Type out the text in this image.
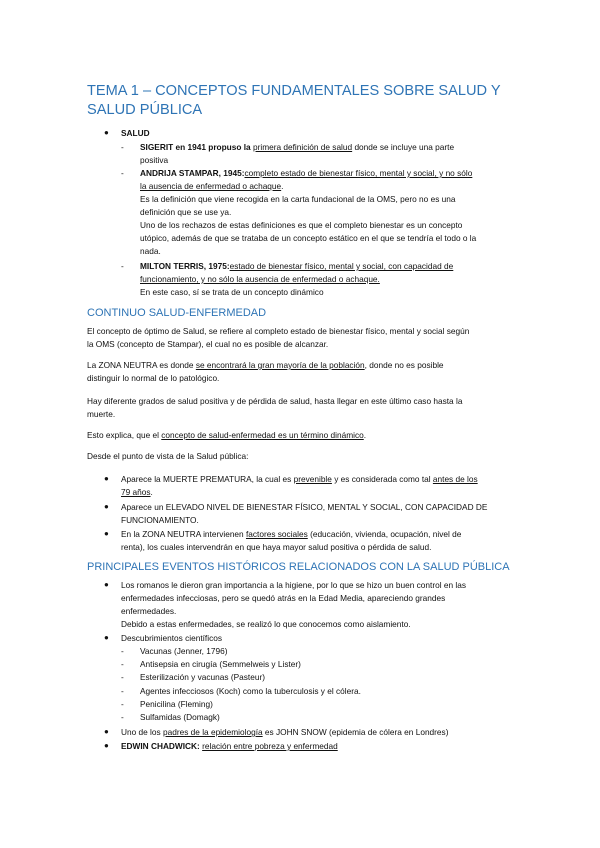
TEMA 1 – CONCEPTOS FUNDAMENTALES SOBRE SALUD Y SALUD PÚBLICA
● SALUD

- SIGERIT en 1941 propuso la primera definición de salud donde se incluye una parte

positiva

- ANDRIJA STAMPAR, 1945:completo estado de bienestar físico, mental y social, y no sólo

la ausencia de enfermedad o achaque.

Es la definición que viene recogida en la carta fundacional de la OMS, pero no es una

definición que se use ya.

Uno de los rechazos de estas definiciones es que el completo bienestar es un concepto

utópico, además de que se trataba de un concepto estático en el que se tendría el todo o la

nada.

- MILTON TERRIS, 1975:estado de bienestar físico, mental y social, con capacidad de

funcionamiento, y no sólo la ausencia de enfermedad o achaque.

En este caso, sí se trata de un concepto dinámico

CONTINUO SALUD-ENFERMEDAD

El concepto de óptimo de Salud, se refiere al completo estado de bienestar físico, mental y social según

la OMS (concepto de Stampar), el cual no es posible de alcanzar.

La ZONA NEUTRA es donde se encontrará la gran mayoría de la población, donde no es posible

distinguir lo normal de lo patológico.

Hay diferente grados de salud positiva y de pérdida de salud, hasta llegar en este último caso hasta la

muerte.

Esto explica, que el concepto de salud-enfermedad es un término dinámico.

Desde el punto de vista de la Salud pública:

● Aparece la MUERTE PREMATURA, la cual es prevenible y es considerada como tal antes de los

79 años.

● Aparece un ELEVADO NIVEL DE BIENESTAR FÍSICO, MENTAL Y SOCIAL, CON CAPACIDAD DE

FUNCIONAMIENTO.

● En la ZONA NEUTRA intervienen factores sociales (educación, vivienda, ocupación, nivel de

renta), los cuales intervendrán en que haya mayor salud positiva o pérdida de salud.

PRINCIPALES EVENTOS HISTÓRICOS RELACIONADOS CON LA SALUD PÚBLICA
● Los romanos le dieron gran importancia a la higiene, por lo que se hizo un buen control en las

enfermedades infecciosas, pero se quedó atrás en la Edad Media, apareciendo grandes

enfermedades.

Debido a estas enfermedades, se realizó lo que conocemos como aislamiento.

● Descubrimientos científicos

- Vacunas (Jenner, 1796)

- Antisepsia en cirugía (Semmelweis y Lister)

- Esterilización y vacunas (Pasteur)

- Agentes infecciosos (Koch) como la tuberculosis y el cólera.

- Penicilina (Fleming)

- Sulfamidas (Domagk)

● Uno de los padres de la epidemiología es JOHN SNOW (epidemia de cólera en Londres)

● EDWIN CHADWICK: relación entre pobreza y enfermedad
